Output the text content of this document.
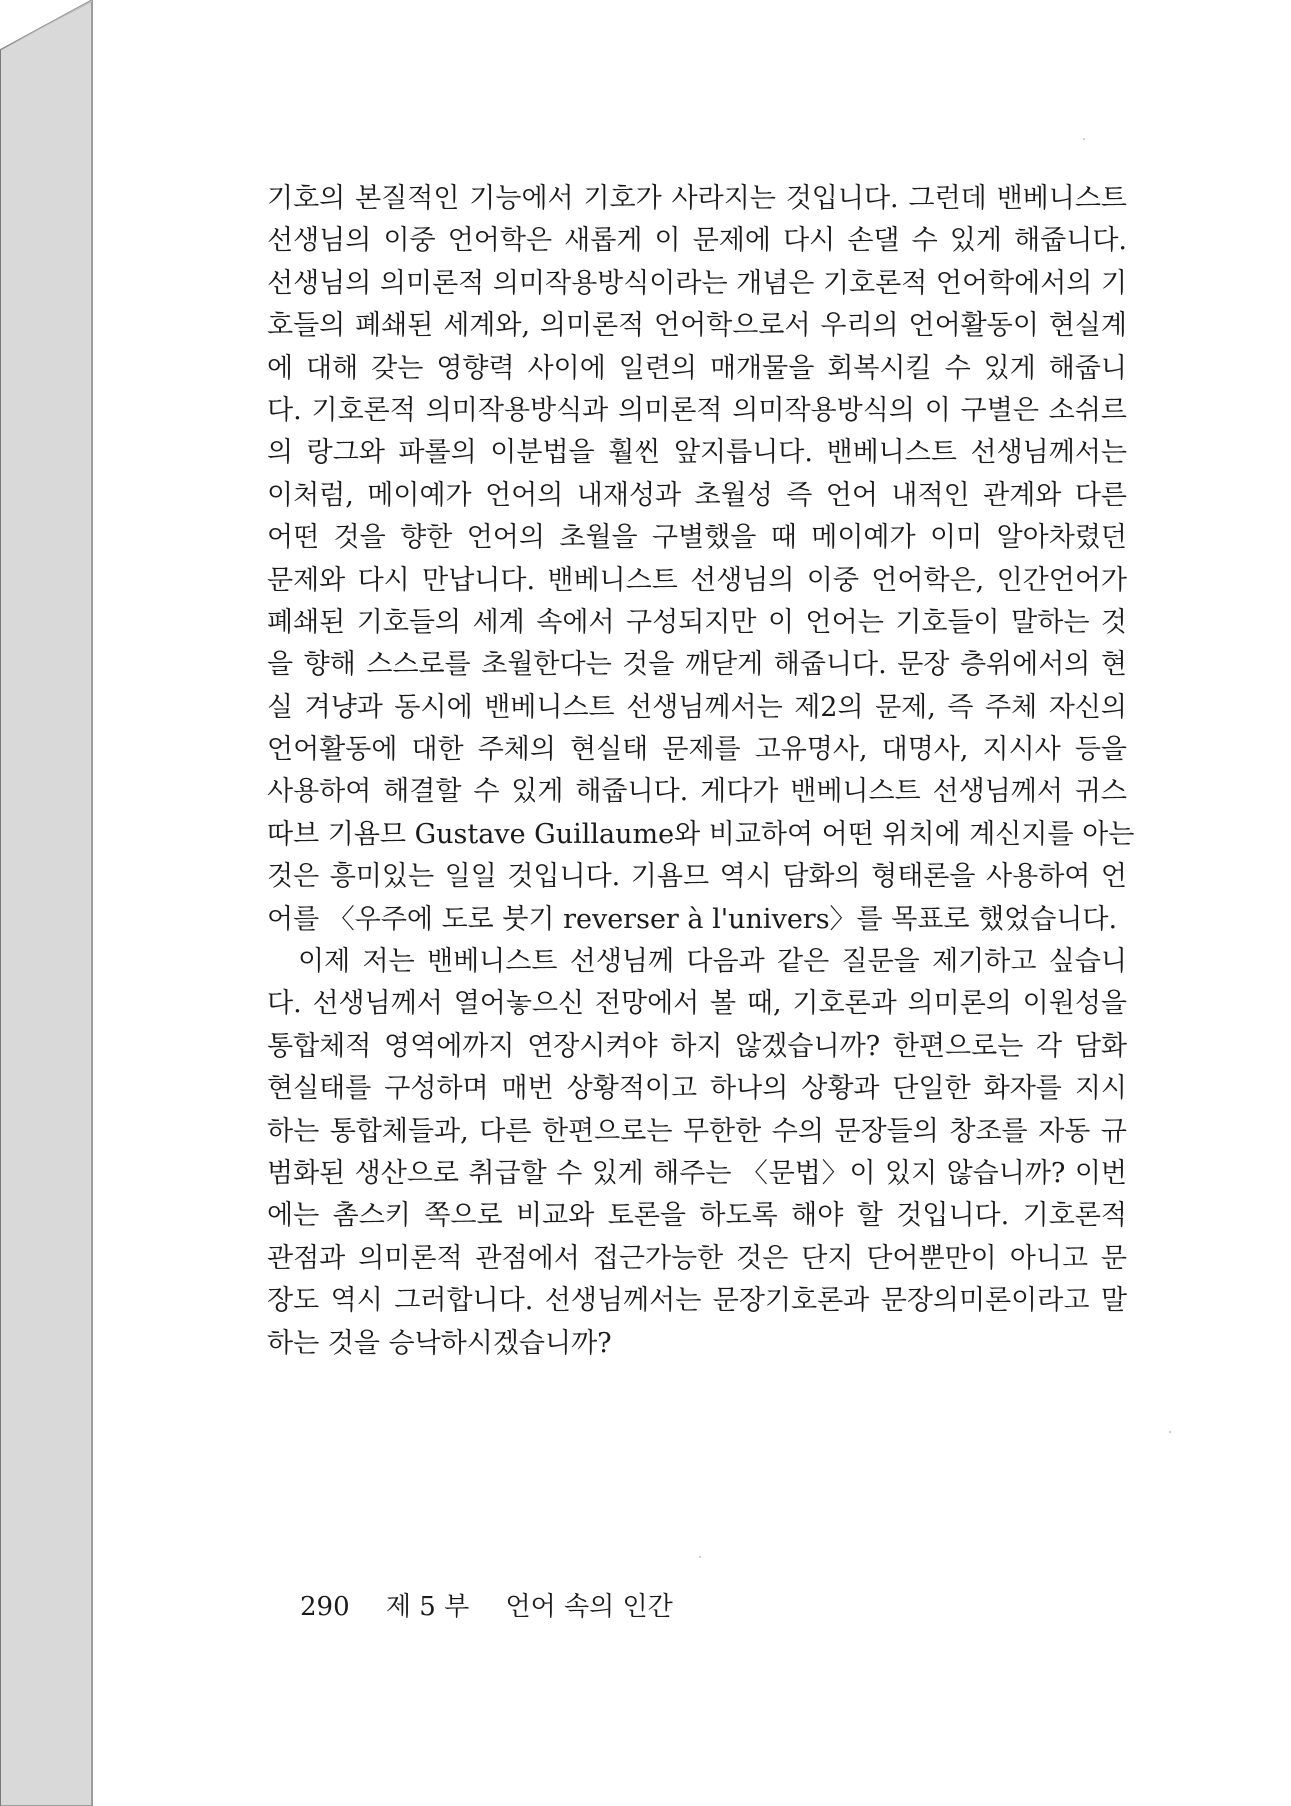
기호의 본질적인 기능에서 기호가 사라지는 것입니다. 그런데 밴베니스트
선생님의 이중 언어학은 새롭게 이 문제에 다시 손댈 수 있게 해줍니다.
선생님의 의미론적 의미작용방식이라는 개념은 기호론적 언어학에서의 기
호들의 폐쇄된 세계와, 의미론적 언어학으로서 우리의 언어활동이 현실계
에 대해 갖는 영향력 사이에 일련의 매개물을 회복시킬 수 있게 해줍니
다. 기호론적 의미작용방식과 의미론적 의미작용방식의 이 구별은 소쉬르
의 랑그와 파롤의 이분법을 훨씬 앞지릅니다. 밴베니스트 선생님께서는
이처럼, 메이예가 언어의 내재성과 초월성 즉 언어 내적인 관계와 다른
어떤 것을 향한 언어의 초월을 구별했을 때 메이예가 이미 알아차렸던
문제와 다시 만납니다. 밴베니스트 선생님의 이중 언어학은, 인간언어가
폐쇄된 기호들의 세계 속에서 구성되지만 이 언어는 기호들이 말하는 것
을 향해 스스로를 초월한다는 것을 깨닫게 해줍니다. 문장 층위에서의 현
실 겨냥과 동시에 밴베니스트 선생님께서는 제2의 문제, 즉 주체 자신의
언어활동에 대한 주체의 현실태 문제를 고유명사, 대명사, 지시사 등을
사용하여 해결할 수 있게 해줍니다. 게다가 밴베니스트 선생님께서 귀스
따브 기욤므 Gustave Guillaume와 비교하여 어떤 위치에 계신지를 아는
것은 흥미있는 일일 것입니다. 기욤므 역시 담화의 형태론을 사용하여 언
어를 〈우주에 도로 붓기 reverser à l'univers〉를 목표로 했었습니다.
이제 저는 밴베니스트 선생님께 다음과 같은 질문을 제기하고 싶습니
다. 선생님께서 열어놓으신 전망에서 볼 때, 기호론과 의미론의 이원성을
통합체적 영역에까지 연장시켜야 하지 않겠습니까? 한편으로는 각 담화
현실태를 구성하며 매번 상황적이고 하나의 상황과 단일한 화자를 지시
하는 통합체들과, 다른 한편으로는 무한한 수의 문장들의 창조를 자동 규
범화된 생산으로 취급할 수 있게 해주는 〈문법〉이 있지 않습니까? 이번
에는 촘스키 쪽으로 비교와 토론을 하도록 해야 할 것입니다. 기호론적
관점과 의미론적 관점에서 접근가능한 것은 단지 단어뿐만이 아니고 문
장도 역시 그러합니다. 선생님께서는 문장기호론과 문장의미론이라고 말
하는 것을 승낙하시겠습니까?
290 제 5 부 언어 속의 인간
